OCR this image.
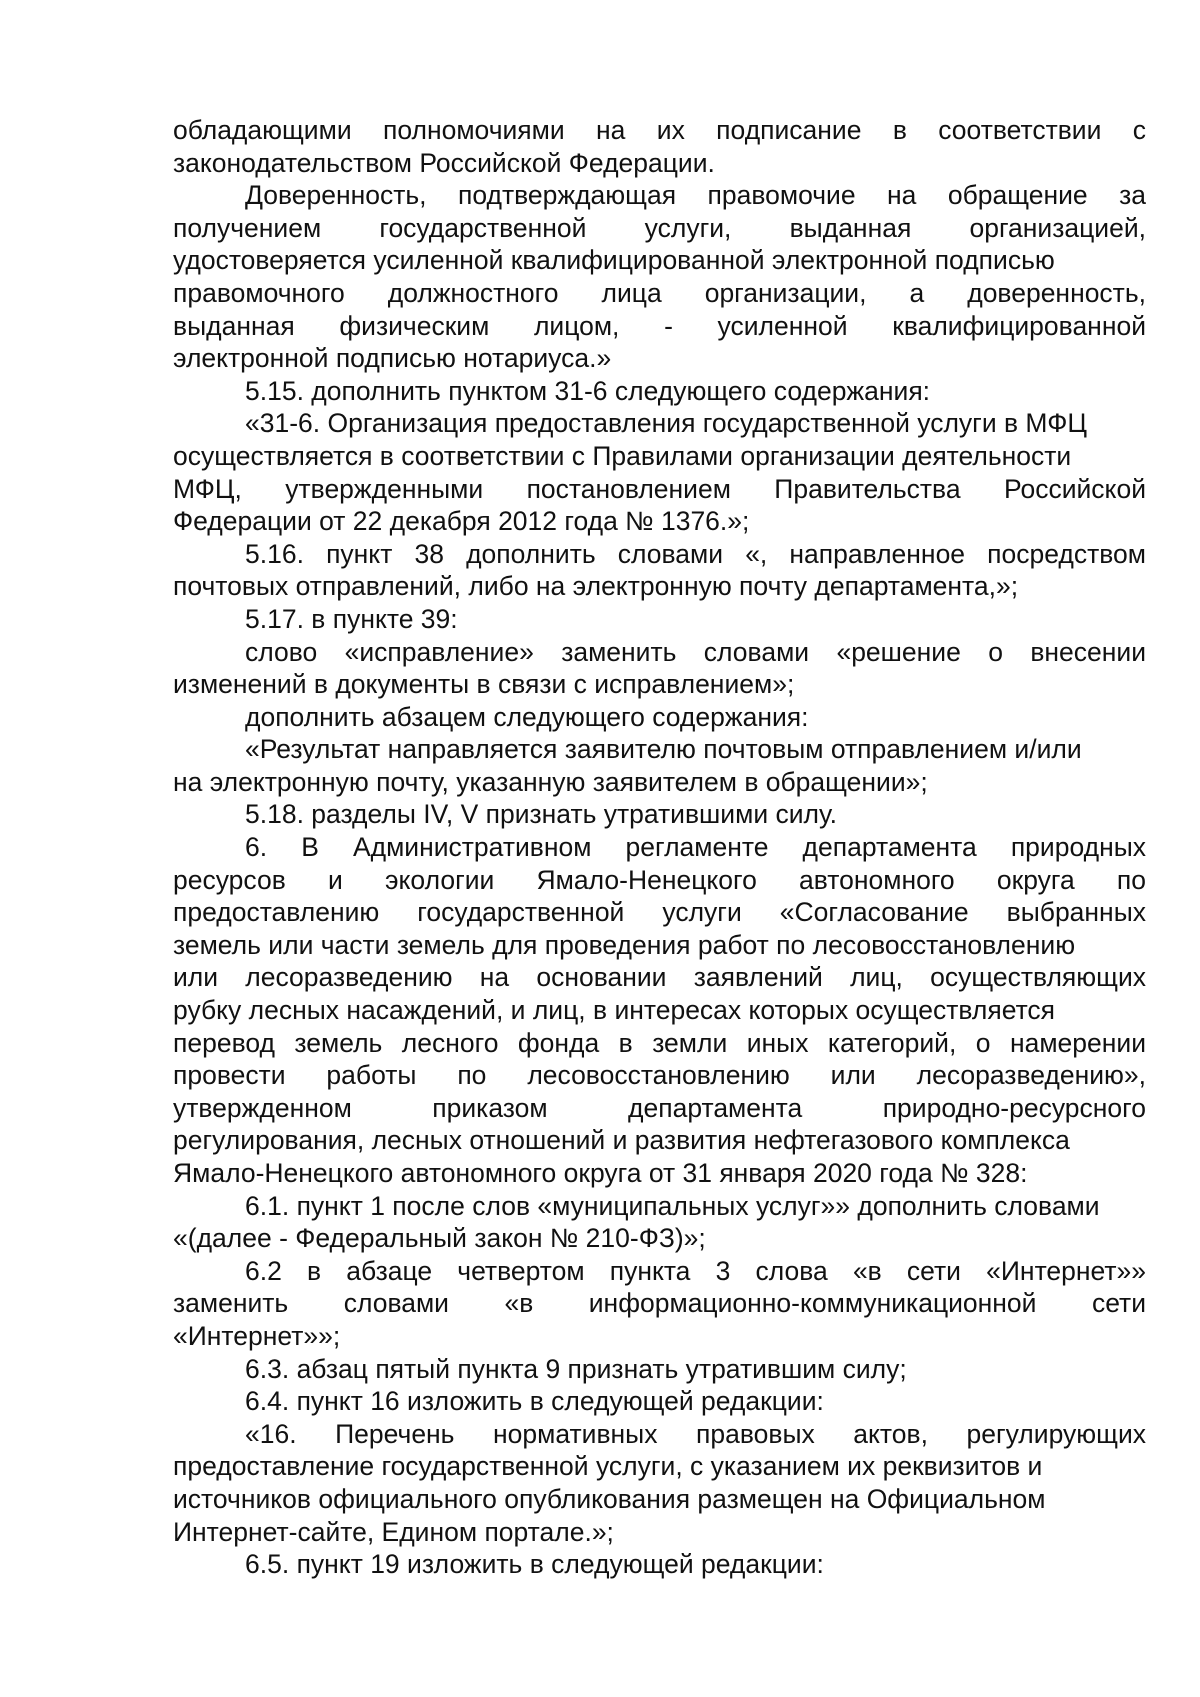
обладающими полномочиями на их подписание в соответствии с
законодательством Российской Федерации.
Доверенность, подтверждающая правомочие на обращение за
получением государственной услуги, выданная организацией,
удостоверяется усиленной квалифицированной электронной подписью
правомочного должностного лица организации, а доверенность,
выданная физическим лицом, - усиленной квалифицированной
электронной подписью нотариуса.»
5.15. дополнить пунктом 31-6 следующего содержания:
«31-6. Организация предоставления государственной услуги в МФЦ
осуществляется в соответствии с Правилами организации деятельности
МФЦ, утвержденными постановлением Правительства Российской
Федерации от 22 декабря 2012 года № 1376.»;
5.16. пункт 38 дополнить словами «, направленное посредством
почтовых отправлений, либо на электронную почту департамента,»;
5.17. в пункте 39:
слово «исправление» заменить словами «решение о внесении
изменений в документы в связи с исправлением»;
дополнить абзацем следующего содержания:
«Результат направляется заявителю почтовым отправлением и/или
на электронную почту, указанную заявителем в обращении»;
5.18. разделы IV, V признать утратившими силу.
6. В Административном регламенте департамента природных
ресурсов и экологии Ямало-Ненецкого автономного округа по
предоставлению государственной услуги «Согласование выбранных
земель или части земель для проведения работ по лесовосстановлению
или лесоразведению на основании заявлений лиц, осуществляющих
рубку лесных насаждений, и лиц, в интересах которых осуществляется
перевод земель лесного фонда в земли иных категорий, о намерении
провести работы по лесовосстановлению или лесоразведению»,
утвержденном приказом департамента природно-ресурсного
регулирования, лесных отношений и развития нефтегазового комплекса
Ямало-Ненецкого автономного округа от 31 января 2020 года № 328:
6.1. пункт 1 после слов «муниципальных услуг»» дополнить словами
«(далее - Федеральный закон № 210-ФЗ)»;
6.2 в абзаце четвертом пункта 3 слова «в сети «Интернет»»
заменить словами «в информационно-коммуникационной сети
«Интернет»»;
6.3. абзац пятый пункта 9 признать утратившим силу;
6.4. пункт 16 изложить в следующей редакции:
«16. Перечень нормативных правовых актов, регулирующих
предоставление государственной услуги, с указанием их реквизитов и
источников официального опубликования размещен на Официальном
Интернет-сайте, Едином портале.»;
6.5. пункт 19 изложить в следующей редакции:
